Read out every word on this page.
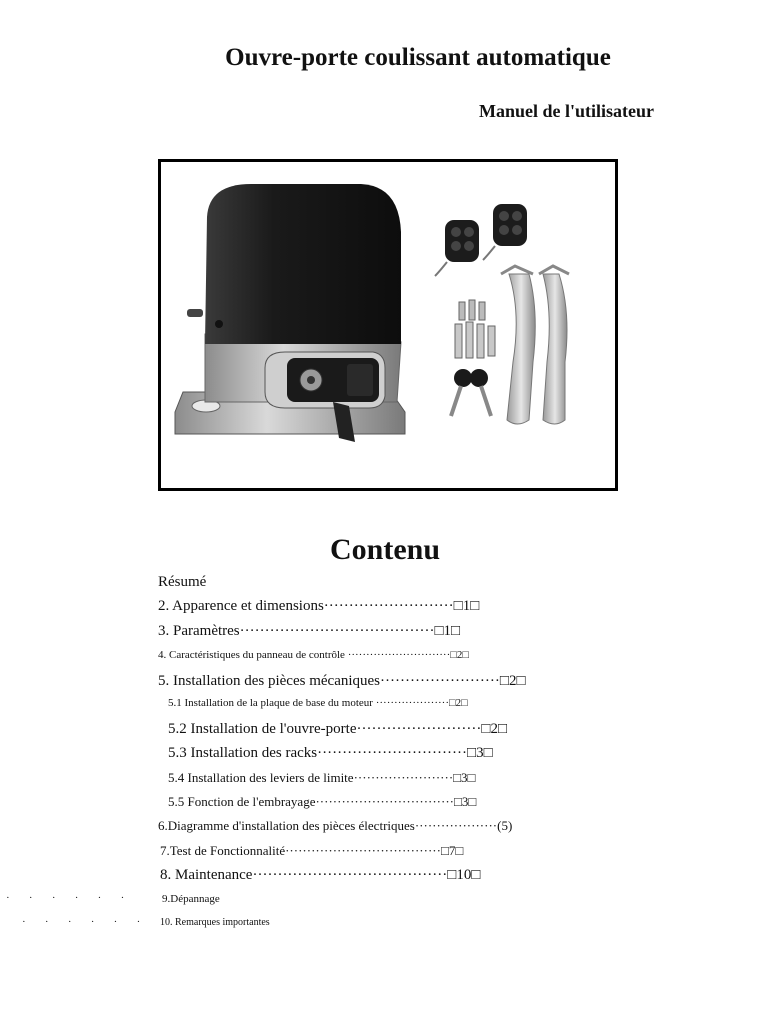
Ouvre-porte coulissant automatique
Manuel de l'utilisateur
Contenu
Résumé
2. Apparence et dimensions··························□1□
3. Paramètres·······································□1□
4. Caractéristiques du panneau de contrôle ····························□2□
5. Installation des pièces mécaniques························□2□
5.1 Installation de la plaque de base du moteur ····················□2□
5.2 Installation de l'ouvre-porte·························□2□
5.3 Installation des racks······························□3□
5.4 Installation des leviers de limite·······················□3□
5.5 Fonction de l'embrayage································□3□
6.Diagramme d'installation des pièces électriques···················(5)
7.Test de Fonctionnalité····································□7□
8. Maintenance·······································□10□
9.Dépannage
10. Remarques importantes
·       ·       ·       ·       ·       ·
·       ·       ·       ·       ·       ·
